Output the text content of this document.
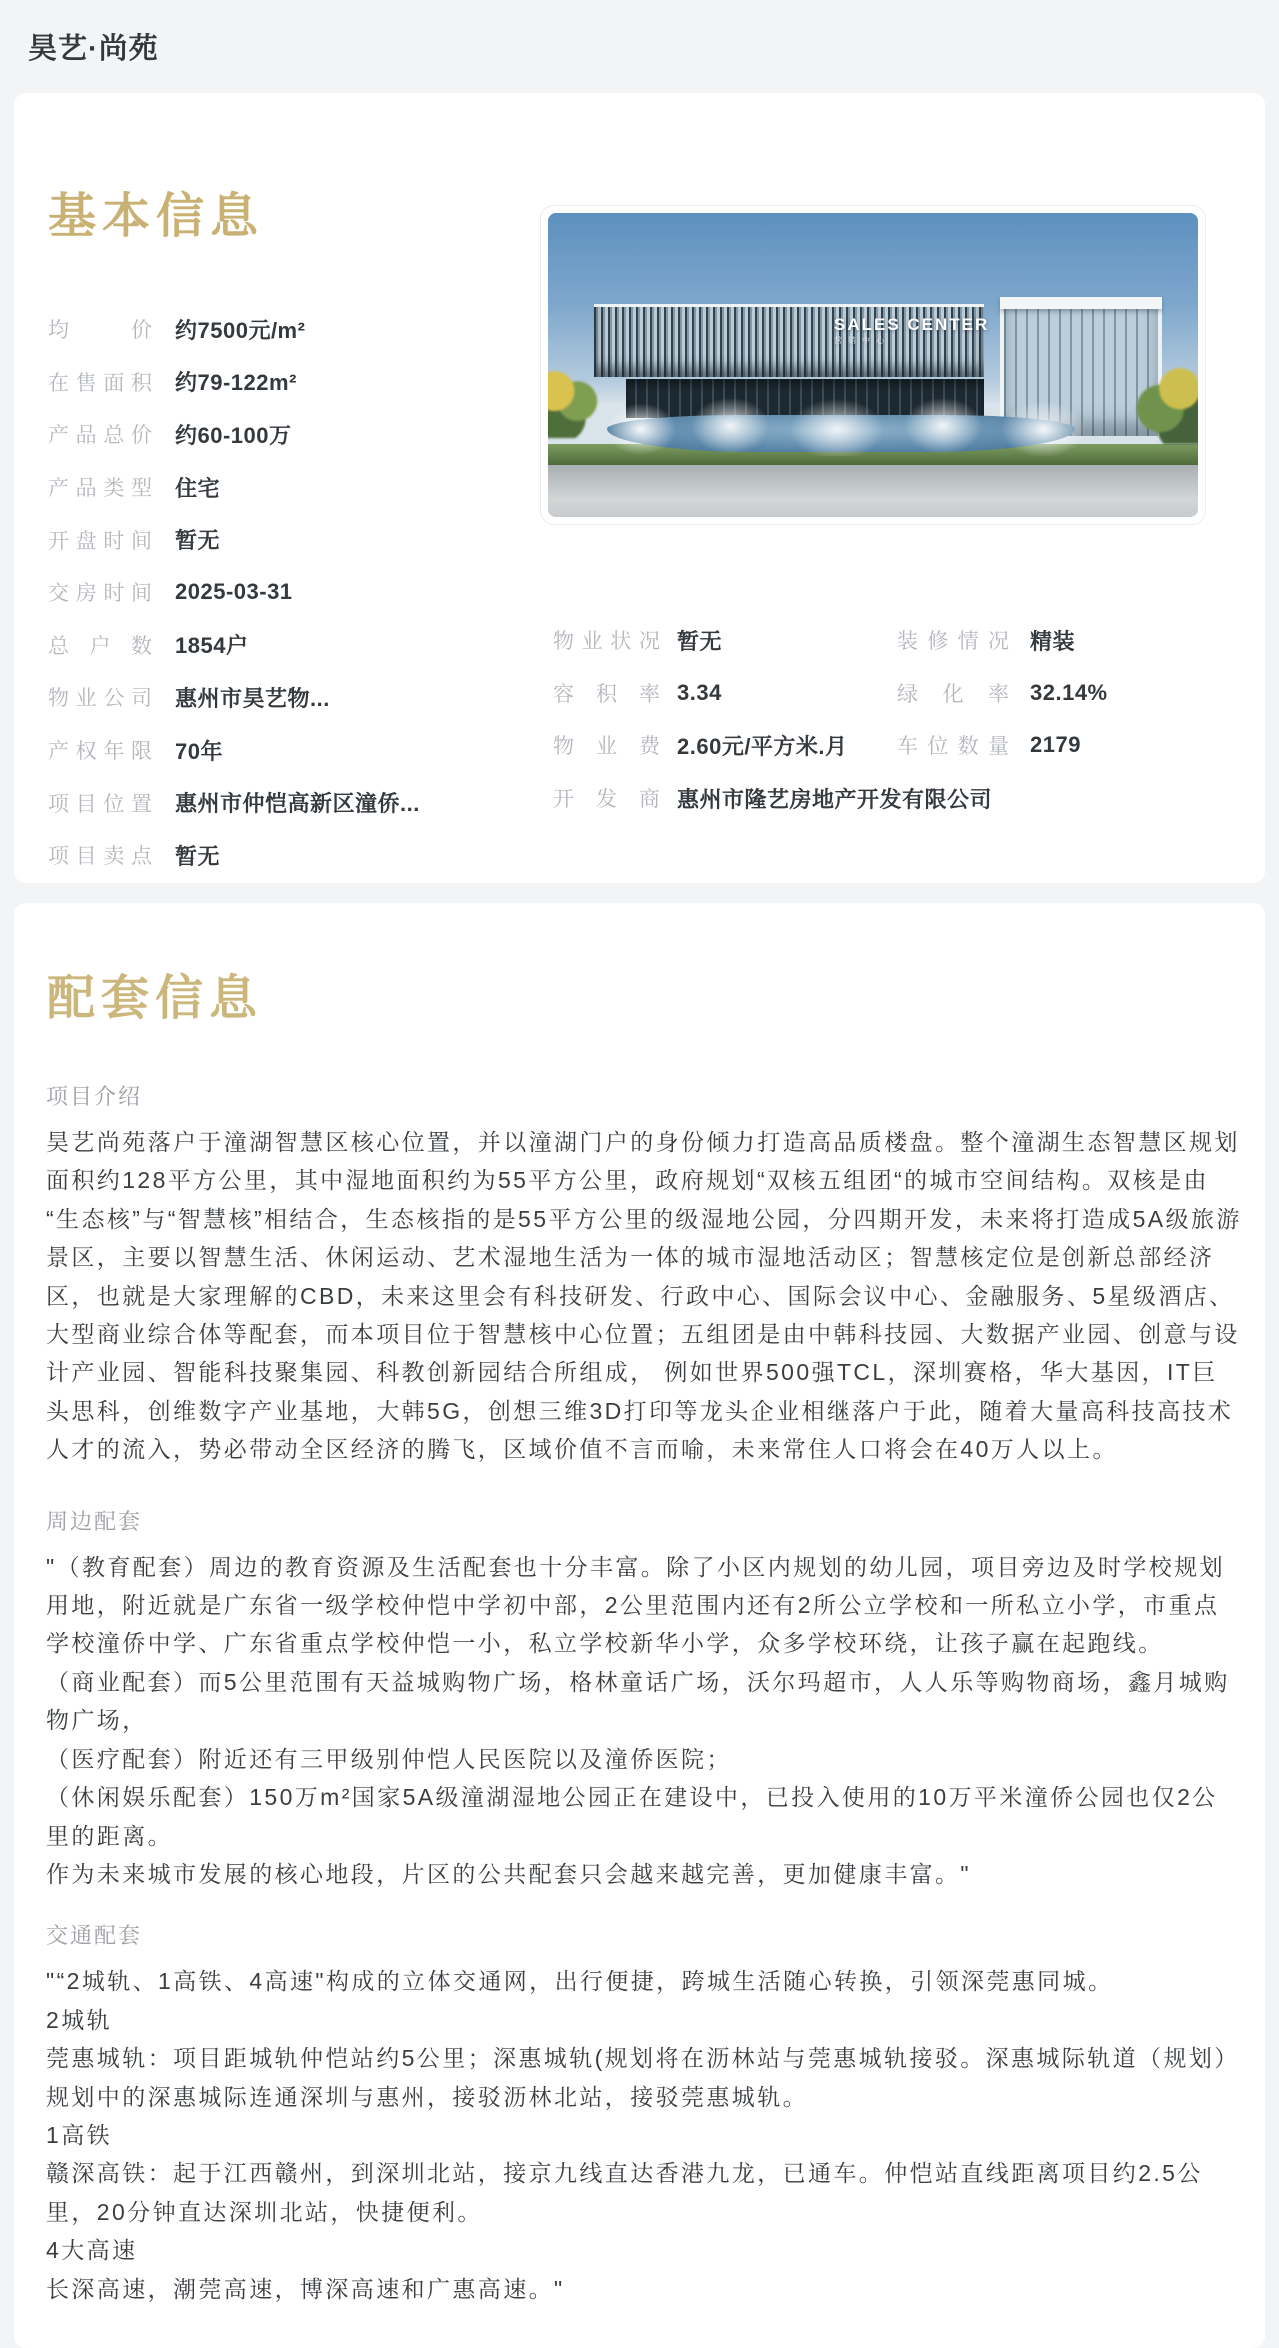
昊艺·尚苑
基本信息
均价 约7500元/m²
在售面积 约79-122m²
产品总价 约60-100万
产品类型 住宅
开盘时间 暂无
交房时间 2025-03-31
总户数 1854户
物业公司 惠州市昊艺物...
产权年限 70年
项目位置 惠州市仲恺高新区潼侨...
项目卖点 暂无
SALES CENTER
营销中心
物业状况 暂无	装修情况 精装
容积率 3.34	绿化率 32.14%
物业费 2.60元/平方米.月 车位数量 2179
开发商 惠州市隆艺房地产开发有限公司
配套信息
项目介绍

昊艺尚苑落户于潼湖智慧区核心位置，并以潼湖门户的身份倾力打造高品质楼盘。整个潼湖生态智慧区规划面积约128平方公里，其中湿地面积约为55平方公里，政府规划“双核五组团“的城市空间结构。双核是由“生态核”与“智慧核”相结合，生态核指的是55平方公里的级湿地公园，分四期开发，未来将打造成5A级旅游景区，主要以智慧生活、休闲运动、艺术湿地生活为一体的城市湿地活动区；智慧核定位是创新总部经济区，也就是大家理解的CBD，未来这里会有科技研发、行政中心、国际会议中心、金融服务、5星级酒店、大型商业综合体等配套，而本项目位于智慧核中心位置；五组团是由中韩科技园、大数据产业园、创意与设计产业园、智能科技聚集园、科教创新园结合所组成， 例如世界500强TCL，深圳赛格，华大基因，IT巨头思科，创维数字产业基地，大韩5G，创想三维3D打印等龙头企业相继落户于此，随着大量高科技高技术人才的流入，势必带动全区经济的腾飞，区域价值不言而喻，未来常住人口将会在40万人以上。

周边配套

"（教育配套）周边的教育资源及生活配套也十分丰富。除了小区内规划的幼儿园，项目旁边及时学校规划用地，附近就是广东省一级学校仲恺中学初中部，2公里范围内还有2所公立学校和一所私立小学，市重点学校潼侨中学、广东省重点学校仲恺一小，私立学校新华小学，众多学校环绕，让孩子赢在起跑线。

（商业配套）而5公里范围有天益城购物广场，格林童话广场，沃尔玛超市，人人乐等购物商场，鑫月城购物广场，

（医疗配套）附近还有三甲级别仲恺人民医院以及潼侨医院；

（休闲娱乐配套）150万m²国家5A级潼湖湿地公园正在建设中，已投入使用的10万平米潼侨公园也仅2公里的距离。

作为未来城市发展的核心地段，片区的公共配套只会越来越完善，更加健康丰富。"

交通配套

"“2城轨、1高铁、4高速"构成的立体交通网，出行便捷，跨城生活随心转换，引领深莞惠同城。

2城轨

莞惠城轨：项目距城轨仲恺站约5公里；深惠城轨(规划将在沥林站与莞惠城轨接驳。深惠城际轨道（规划）规划中的深惠城际连通深圳与惠州，接驳沥林北站，接驳莞惠城轨。

1高铁

赣深高铁：起于江西赣州，到深圳北站，接京九线直达香港九龙，已通车。仲恺站直线距离项目约2.5公里，20分钟直达深圳北站，快捷便利。

4大高速

长深高速，潮莞高速，博深高速和广惠高速。"
